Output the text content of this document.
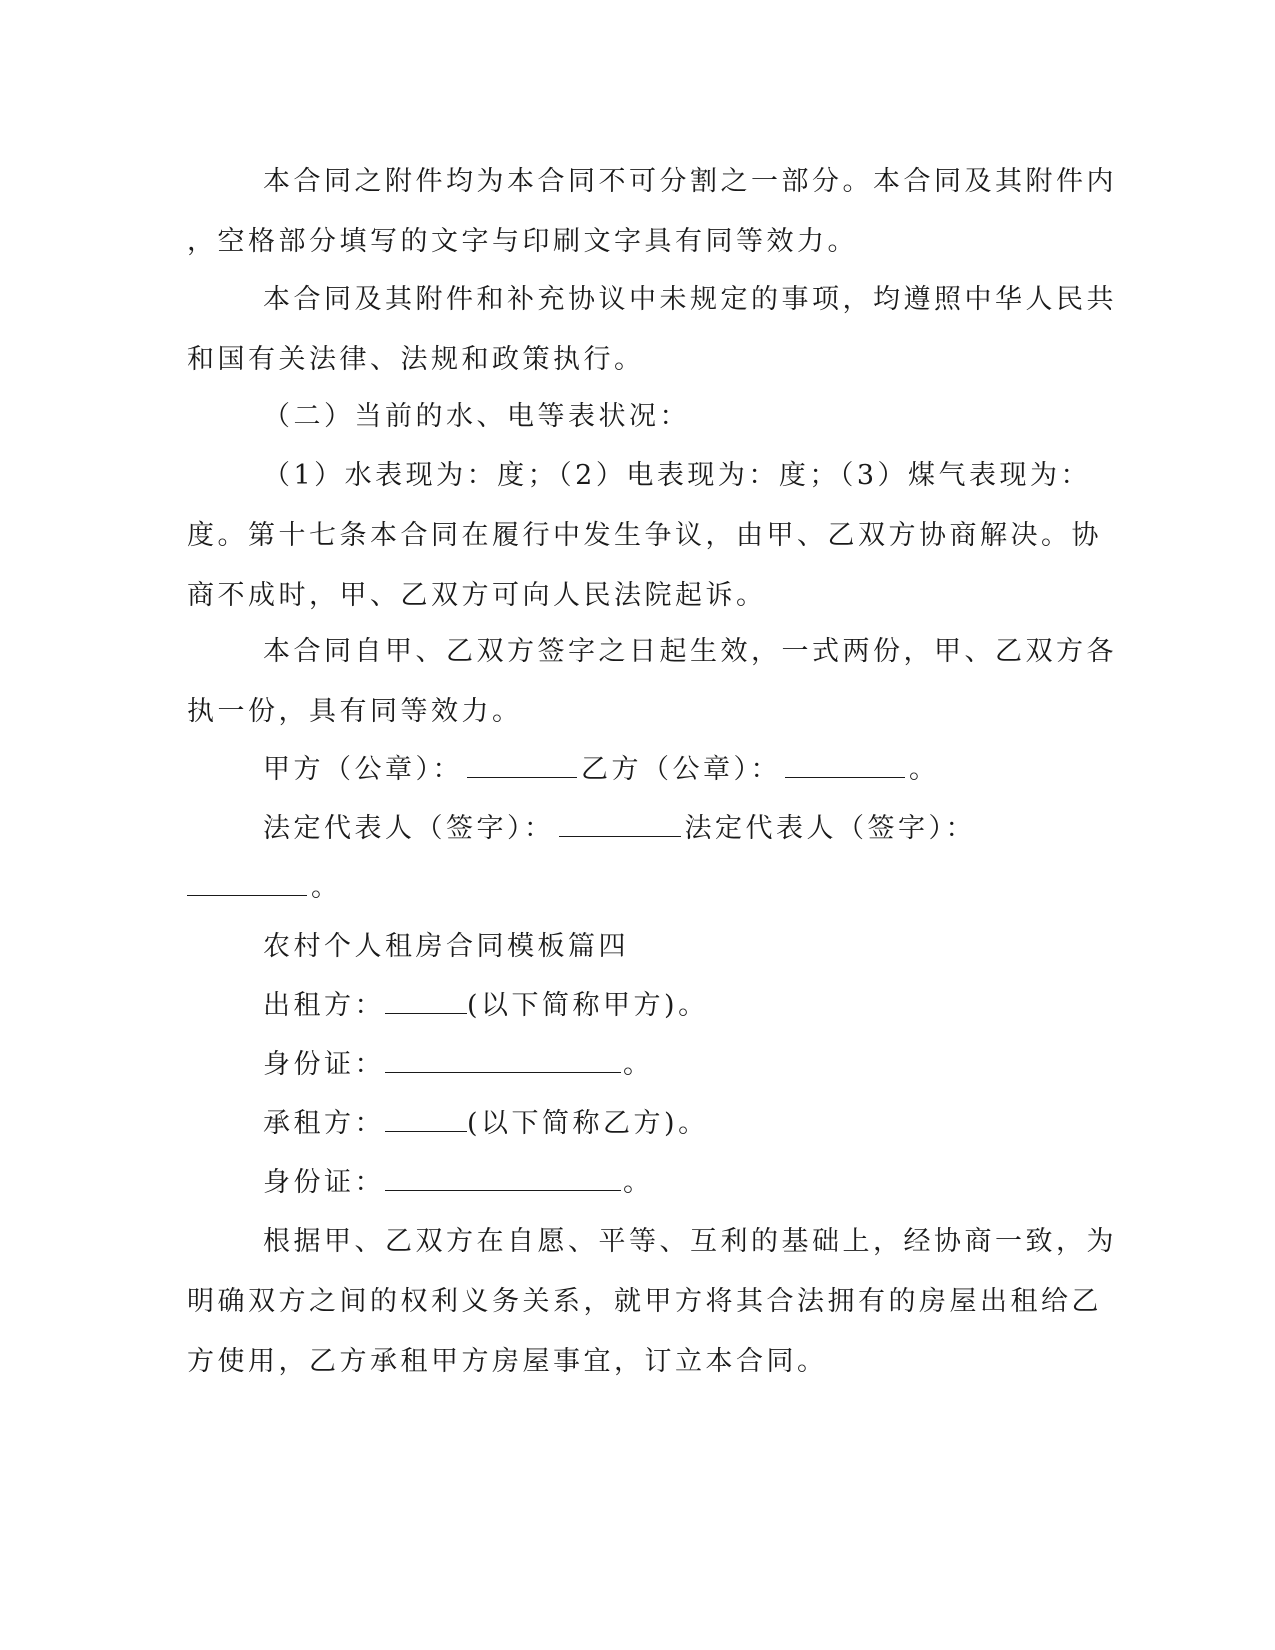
本合同之附件均为本合同不可分割之一部分。本合同及其附件内
，空格部分填写的文字与印刷文字具有同等效力。
本合同及其附件和补充协议中未规定的事项，均遵照中华人民共
和国有关法律、法规和政策执行。
（二）当前的水、电等表状况：
（1）水表现为：度；（2）电表现为：度；（3）煤气表现为：
度。第十七条本合同在履行中发生争议，由甲、乙双方协商解决。协
商不成时，甲、乙双方可向人民法院起诉。
本合同自甲、乙双方签字之日起生效，一式两份，甲、乙双方各
执一份，具有同等效力。
甲方（公章）：	乙方（公章）：	。
法定代表人（签字）：	法定代表人（签字）：
。
农村个人租房合同模板篇四
出租方：	(以下简称甲方)。
身份证：	。
承租方：	(以下简称乙方)。
身份证：	。
根据甲、乙双方在自愿、平等、互利的基础上，经协商一致，为
明确双方之间的权利义务关系，就甲方将其合法拥有的房屋出租给乙
方使用，乙方承租甲方房屋事宜，订立本合同。
